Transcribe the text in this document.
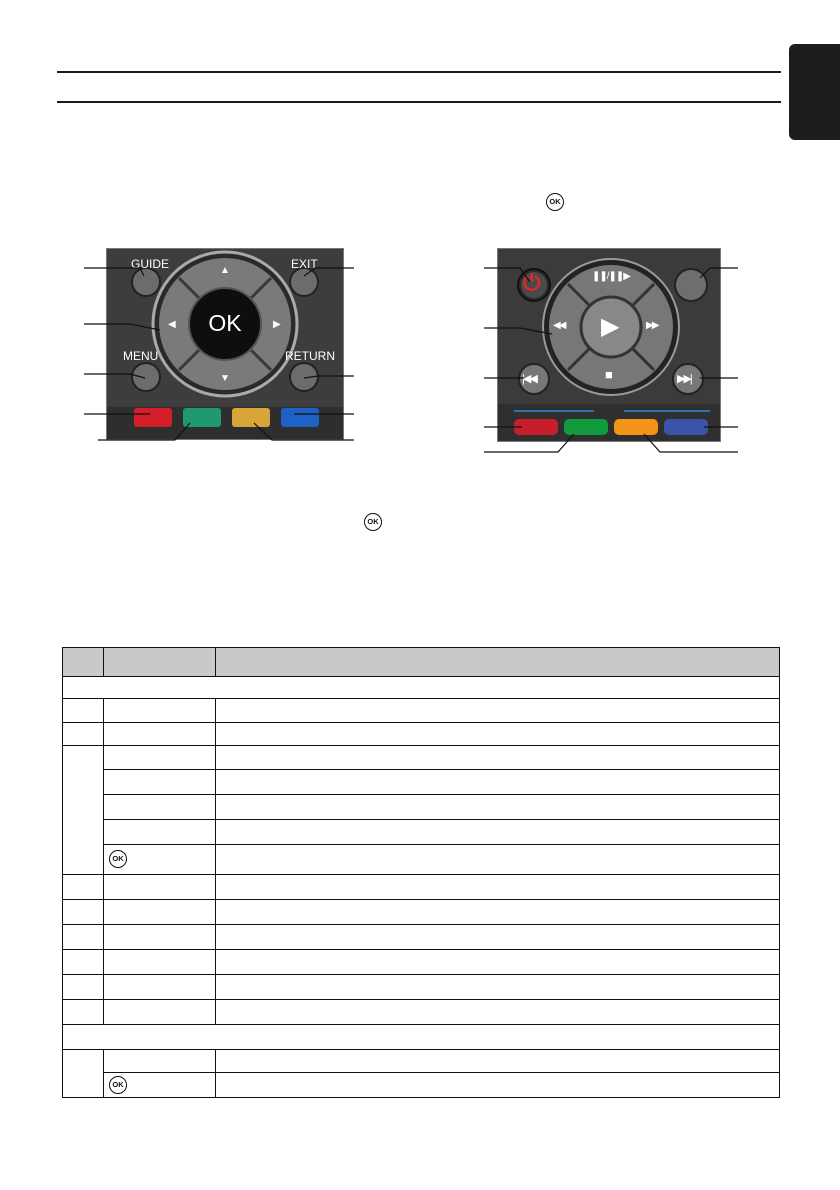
OK
OK
GUIDE	EXIT
MENU	RETURN
OK
▲
▼
◀	▶
⏻	❚❚/❚❚▶
◀◀ ▶	▶▶
■
|◀◀	▶▶|
OK
OK
